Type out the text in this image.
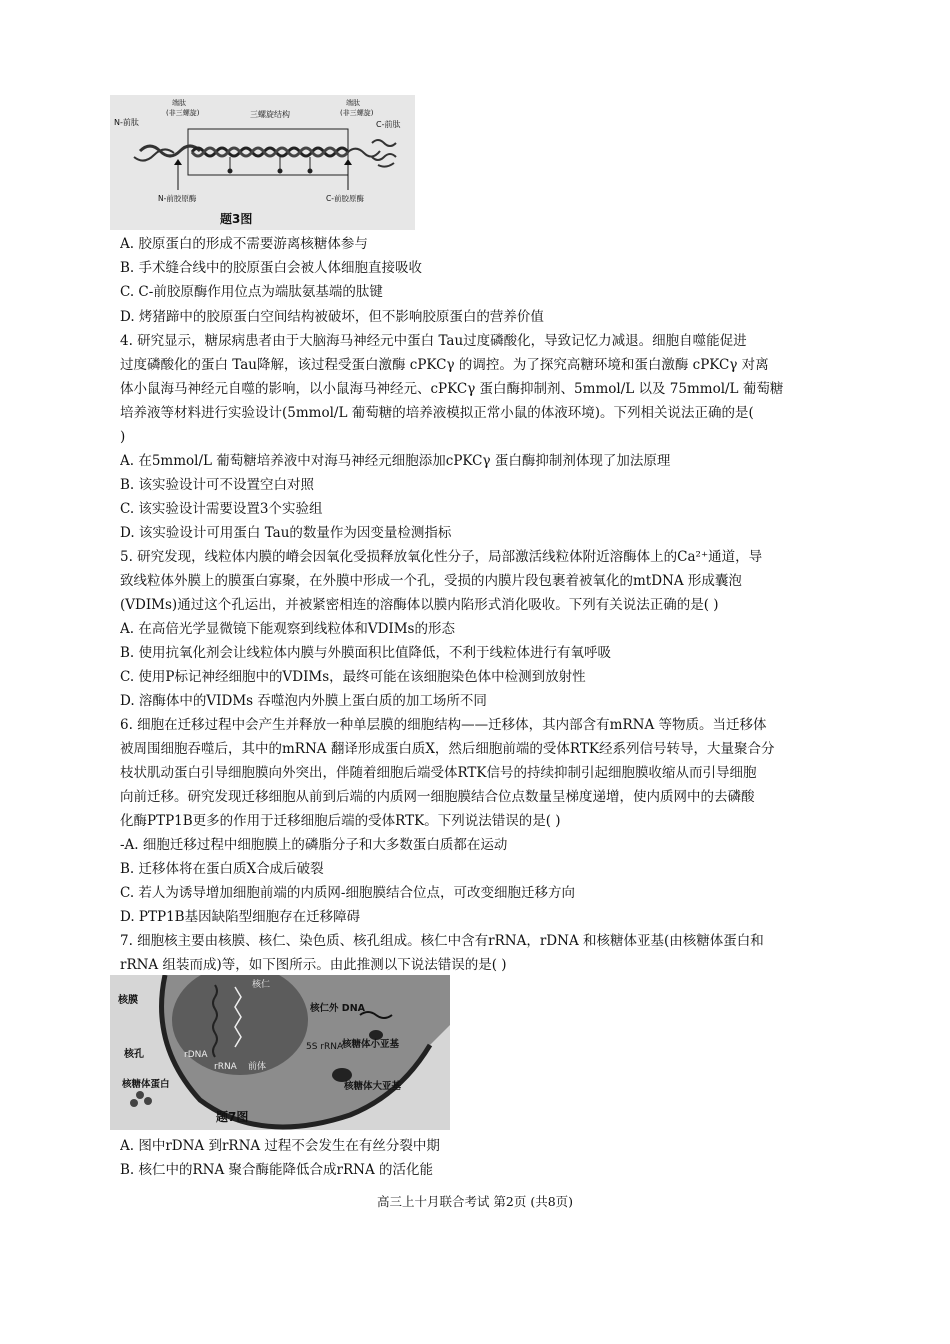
N-前肽
端肽
(非三螺旋)	三螺旋结构
端肽
(非三螺旋)
C-前肽
N-前胶原酶	C-前胶原酶
题3图
A. 胶原蛋白的形成不需要游离核糖体参与
B. 手术缝合线中的胶原蛋白会被人体细胞直接吸收
C. C-前胶原酶作用位点为端肽氨基端的肽键
D. 烤猪蹄中的胶原蛋白空间结构被破坏，但不影响胶原蛋白的营养价值
4. 研究显示，糖尿病患者由于大脑海马神经元中蛋白 Tau过度磷酸化，导致记忆力减退。细胞自噬能促进
过度磷酸化的蛋白 Tau降解，该过程受蛋白激酶 cPKCγ 的调控。为了探究高糖环境和蛋白激酶 cPKCγ 对离
体小鼠海马神经元自噬的影响，以小鼠海马神经元、cPKCγ 蛋白酶抑制剂、5mmol/L 以及 75mmol/L 葡萄糖
培养液等材料进行实验设计(5mmol/L 葡萄糖的培养液模拟正常小鼠的体液环境)。下列相关说法正确的是(
)
A. 在5mmol/L 葡萄糖培养液中对海马神经元细胞添加cPKCγ 蛋白酶抑制剂体现了加法原理
B. 该实验设计可不设置空白对照
C. 该实验设计需要设置3个实验组
D. 该实验设计可用蛋白 Tau的数量作为因变量检测指标
5. 研究发现，线粒体内膜的嵴会因氧化受损释放氧化性分子，局部激活线粒体附近溶酶体上的Ca²⁺通道，导
致线粒体外膜上的膜蛋白寡聚，在外膜中形成一个孔，受损的内膜片段包裹着被氧化的mtDNA 形成囊泡
(VDIMs)通过这个孔运出，并被紧密相连的溶酶体以膜内陷形式消化吸收。下列有关说法正确的是( )
A. 在高倍光学显微镜下能观察到线粒体和VDIMs的形态
B. 使用抗氧化剂会让线粒体内膜与外膜面积比值降低，不利于线粒体进行有氧呼吸
C. 使用P标记神经细胞中的VDIMs，最终可能在该细胞染色体中检测到放射性
D. 溶酶体中的VIDMs 吞噬泡内外膜上蛋白质的加工场所不同
6. 细胞在迁移过程中会产生并释放一种单层膜的细胞结构——迁移体，其内部含有mRNA 等物质。当迁移体
被周围细胞吞噬后，其中的mRNA 翻译形成蛋白质X，然后细胞前端的受体RTK经系列信号转导，大量聚合分
枝状肌动蛋白引导细胞膜向外突出，伴随着细胞后端受体RTK信号的持续抑制引起细胞膜收缩从而引导细胞
向前迁移。研究发现迁移细胞从前到后端的内质网一细胞膜结合位点数量呈梯度递增，使内质网中的去磷酸
化酶PTP1B更多的作用于迁移细胞后端的受体RTK。下列说法错误的是( )
-A. 细胞迁移过程中细胞膜上的磷脂分子和大多数蛋白质都在运动
B. 迁移体将在蛋白质X合成后破裂
C. 若人为诱导增加细胞前端的内质网-细胞膜结合位点，可改变细胞迁移方向
D. PTP1B基因缺陷型细胞存在迁移障碍
7. 细胞核主要由核膜、核仁、染色质、核孔组成。核仁中含有rRNA，rDNA 和核糖体亚基(由核糖体蛋白和
rRNA 组装而成)等，如下图所示。由此推测以下说法错误的是( )
核膜
核孔
核仁
核仁外 DNA
核糖体小亚基
5S rRNA
rDNA
rRNA 前体
核糖体蛋白	核糖体大亚基
题7图
A. 图中rDNA 到rRNA 过程不会发生在有丝分裂中期
B. 核仁中的RNA 聚合酶能降低合成rRNA 的活化能
高三上十月联合考试 第2页 (共8页)
